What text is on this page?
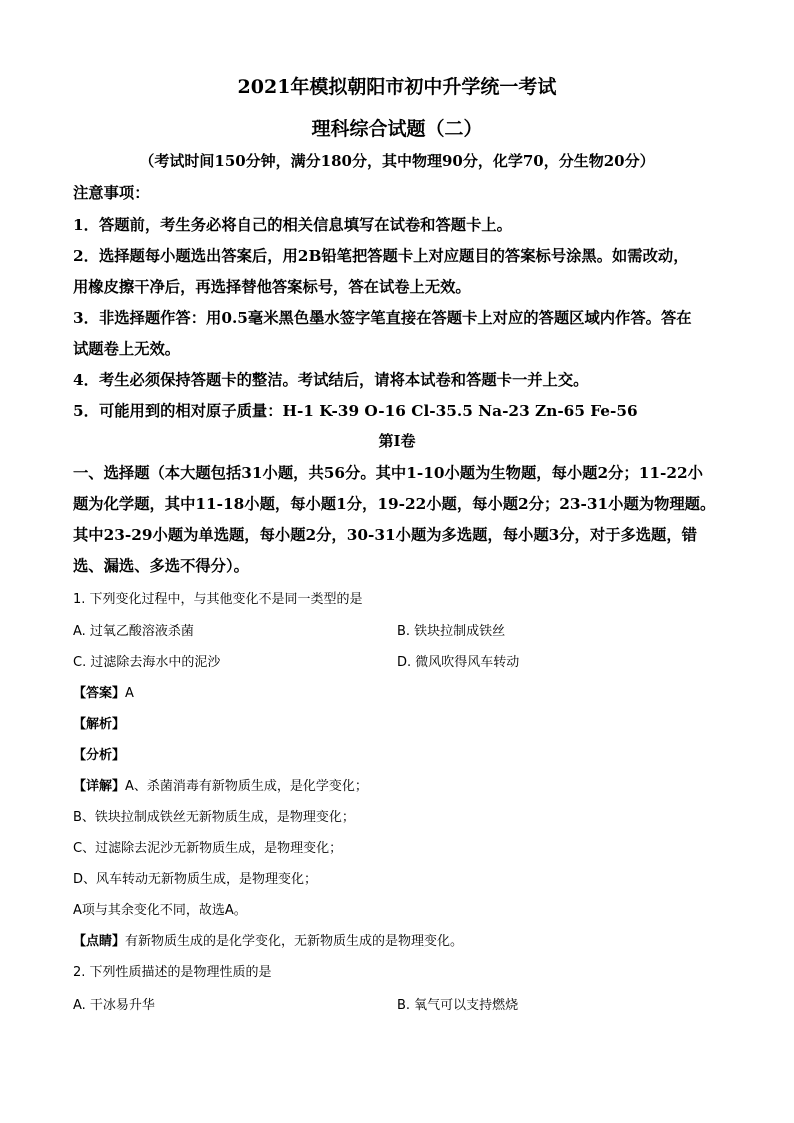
2021年模拟朝阳市初中升学统一考试
理科综合试题（二）
（考试时间150分钟，满分180分，其中物理90分，化学70，分生物20分）
注意事项：
1．答题前，考生务必将自己的相关信息填写在试卷和答题卡上。
2．选择题每小题选出答案后，用2B铅笔把答题卡上对应题目的答案标号涂黑。如需改动，
用橡皮擦干净后，再选择替他答案标号，答在试卷上无效。
3．非选择题作答：用0.5毫米黑色墨水签字笔直接在答题卡上对应的答题区域内作答。答在
试题卷上无效。
4．考生必须保持答题卡的整洁。考试结后，请将本试卷和答题卡一并上交。
5．可能用到的相对原子质量：H-1 K-39 O-16 Cl-35.5 Na-23 Zn-65 Fe-56
第Ⅰ卷
一、选择题（本大题包括31小题，共56分。其中1-10小题为生物题，每小题2分；11-22小
题为化学题，其中11-18小题，每小题1分，19-22小题，每小题2分；23-31小题为物理题。
其中23-29小题为单选题，每小题2分，30-31小题为多选题，每小题3分，对于多选题，错
选、漏选、多选不得分）。
1. 下列变化过程中，与其他变化不是同一类型的是
A. 过氧乙酸溶液杀菌	B. 铁块拉制成铁丝
C. 过滤除去海水中的泥沙	D. 微风吹得风车转动
【答案】A
【解析】
【分析】
【详解】A、杀菌消毒有新物质生成，是化学变化；
B、铁块拉制成铁丝无新物质生成，是物理变化；
C、过滤除去泥沙无新物质生成，是物理变化；
D、风车转动无新物质生成，是物理变化；
A项与其余变化不同，故选A。
【点睛】有新物质生成的是化学变化，无新物质生成的是物理变化。
2. 下列性质描述的是物理性质的是
A. 干冰易升华	B. 氧气可以支持燃烧
